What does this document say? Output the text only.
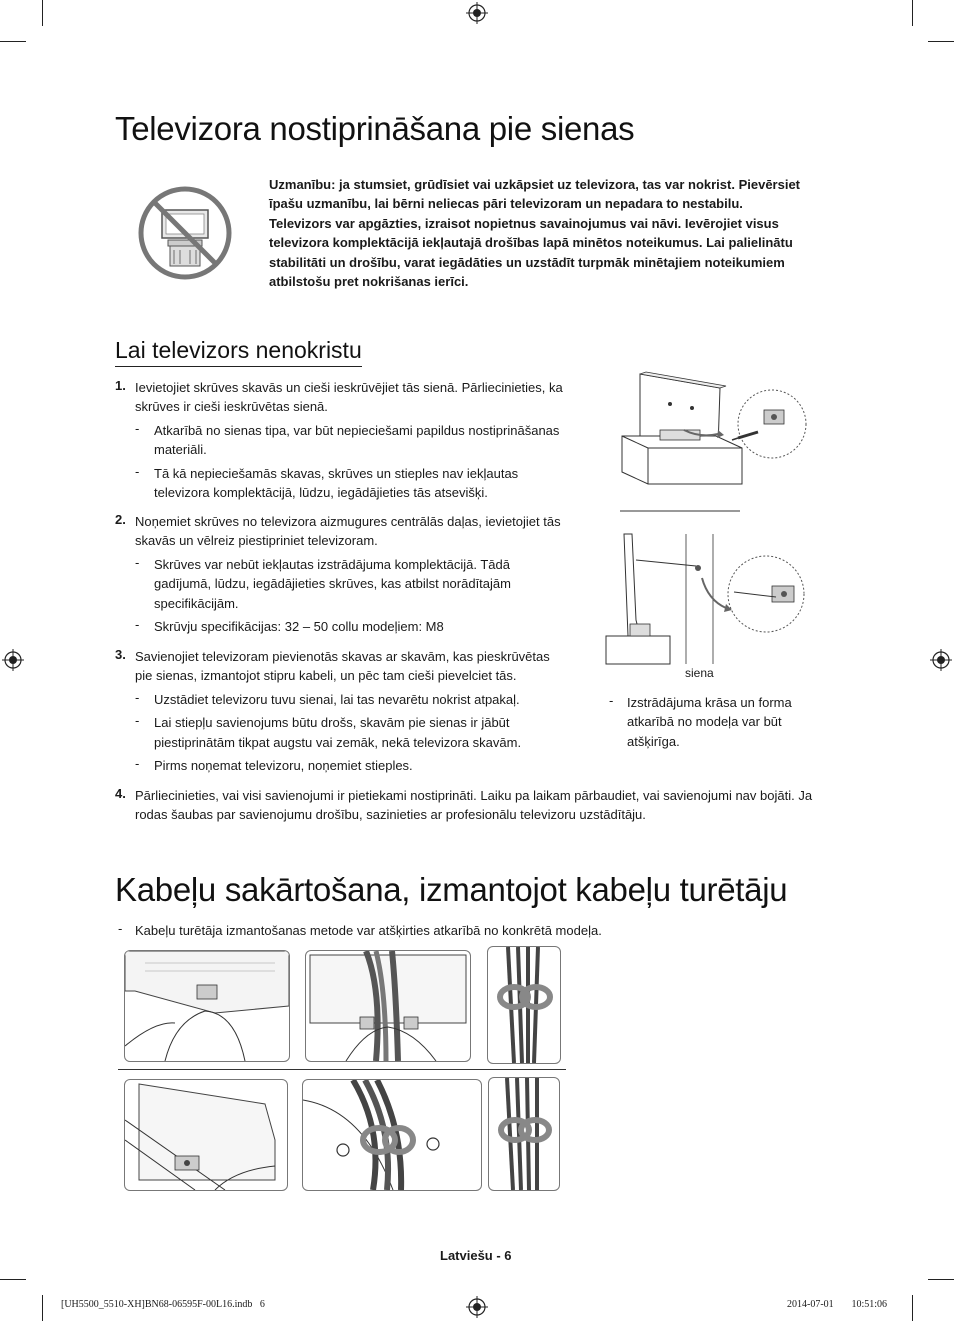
Televizora nostiprināšana pie sienas
Uzmanību: ja stumsiet, grūdīsiet vai uzkāpsiet uz televizora, tas var nokrist. Pievērsiet īpašu uzmanību, lai bērni neliecas pāri televizoram un nepadara to nestabilu. Televizors var apgāzties, izraisot nopietnus savainojumus vai nāvi. Ievērojiet visus televizora komplektācijā iekļautajā drošības lapā minētos noteikumus. Lai palielinātu stabilitāti un drošību, varat iegādāties un uzstādīt turpmāk minētajiem noteikumiem atbilstošu pret nokrišanas ierīci.
Lai televizors nenokristu
1. Ievietojiet skrūves skavās un cieši ieskrūvējiet tās sienā. Pārliecinieties, ka skrūves ir cieši ieskrūvētas sienā.
- Atkarībā no sienas tipa, var būt nepieciešami papildus nostiprināšanas materiāli.
- Tā kā nepieciešamās skavas, skrūves un stieples nav iekļautas televizora komplektācijā, lūdzu, iegādājieties tās atsevišķi.
2. Noņemiet skrūves no televizora aizmugures centrālās daļas, ievietojiet tās skavās un vēlreiz piestipriniet televizoram.
- Skrūves var nebūt iekļautas izstrādājuma komplektācijā. Tādā gadījumā, lūdzu, iegādājieties skrūves, kas atbilst norādītajām specifikācijām.
- Skrūvju specifikācijas: 32 – 50 collu modeļiem: M8
3. Savienojiet televizoram pievienotās skavas ar skavām, kas pieskrūvētas pie sienas, izmantojot stipru kabeli, un pēc tam cieši pievelciet tās.
- Uzstādiet televizoru tuvu sienai, lai tas nevarētu nokrist atpakaļ.
- Lai stiepļu savienojums būtu drošs, skavām pie sienas ir jābūt piestiprinātām tikpat augstu vai zemāk, nekā televizora skavām.
- Pirms noņemat televizoru, noņemiet stieples.
4. Pārliecinieties, vai visi savienojumi ir pietiekami nostiprināti. Laiku pa laikam pārbaudiet, vai savienojumi nav bojāti. Ja rodas šaubas par savienojumu drošību, sazinieties ar profesionālu televizoru uzstādītāju.
siena
- Izstrādājuma krāsa un forma atkarībā no modeļa var būt atšķirīga.
Kabeļu sakārtošana, izmantojot kabeļu turētāju
- Kabeļu turētāja izmantošanas metode var atšķirties atkarībā no konkrētā modeļa.
Latviešu - 6
[UH5500_5510-XH]BN68-06595F-00L16.indb   6	2014-07-01     10:51:06
